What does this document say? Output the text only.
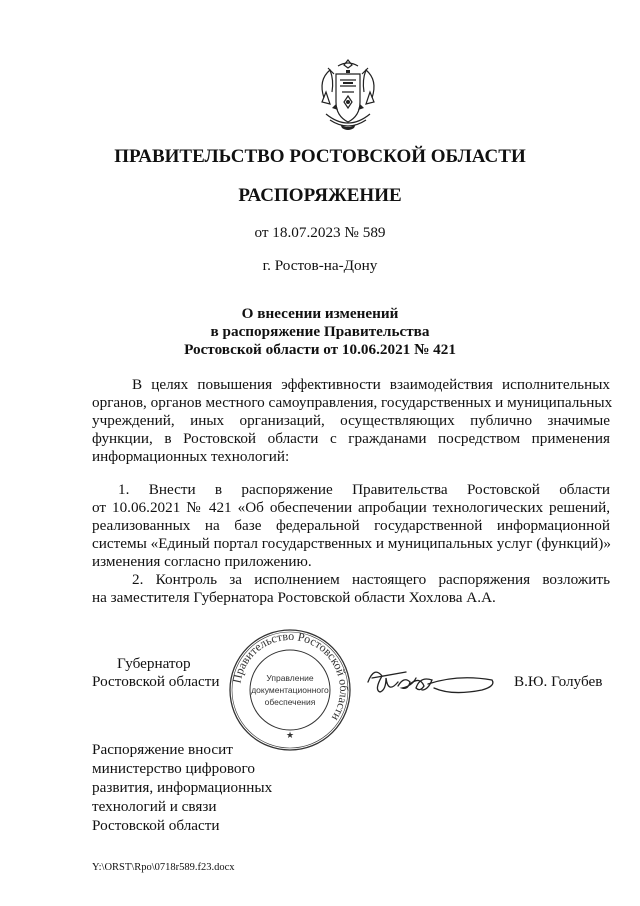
ПРАВИТЕЛЬСТВО РОСТОВСКОЙ ОБЛАСТИ
РАСПОРЯЖЕНИЕ
от 18.07.2023 № 589
г. Ростов-на-Дону
О внесении изменений
в распоряжение Правительства
Ростовской области от 10.06.2021 № 421
В целях повышения эффективности взаимодействия исполнительных
органов, органов местного самоуправления, государственных и муниципальных
учреждений, иных организаций, осуществляющих публично значимые
функции, в Ростовской области с гражданами посредством применения
информационных технологий:
1. Внести в распоряжение Правительства Ростовской области
от 10.06.2021 № 421 «Об обеспечении апробации технологических решений,
реализованных на базе федеральной государственной информационной
системы «Единый портал государственных и муниципальных услуг (функций)»
изменения согласно приложению.
2. Контроль за исполнением настоящего распоряжения возложить
на заместителя Губернатора Ростовской области Хохлова А.А.
Губернатор
Ростовской области	В.Ю. Голубев
Правительство Ростовской области
★
Управление
документационного
обеспечения
Распоряжение вносит
министерство цифрового
развития, информационных
технологий и связи
Ростовской области
Y:\ORST\Rpo\0718r589.f23.docx
